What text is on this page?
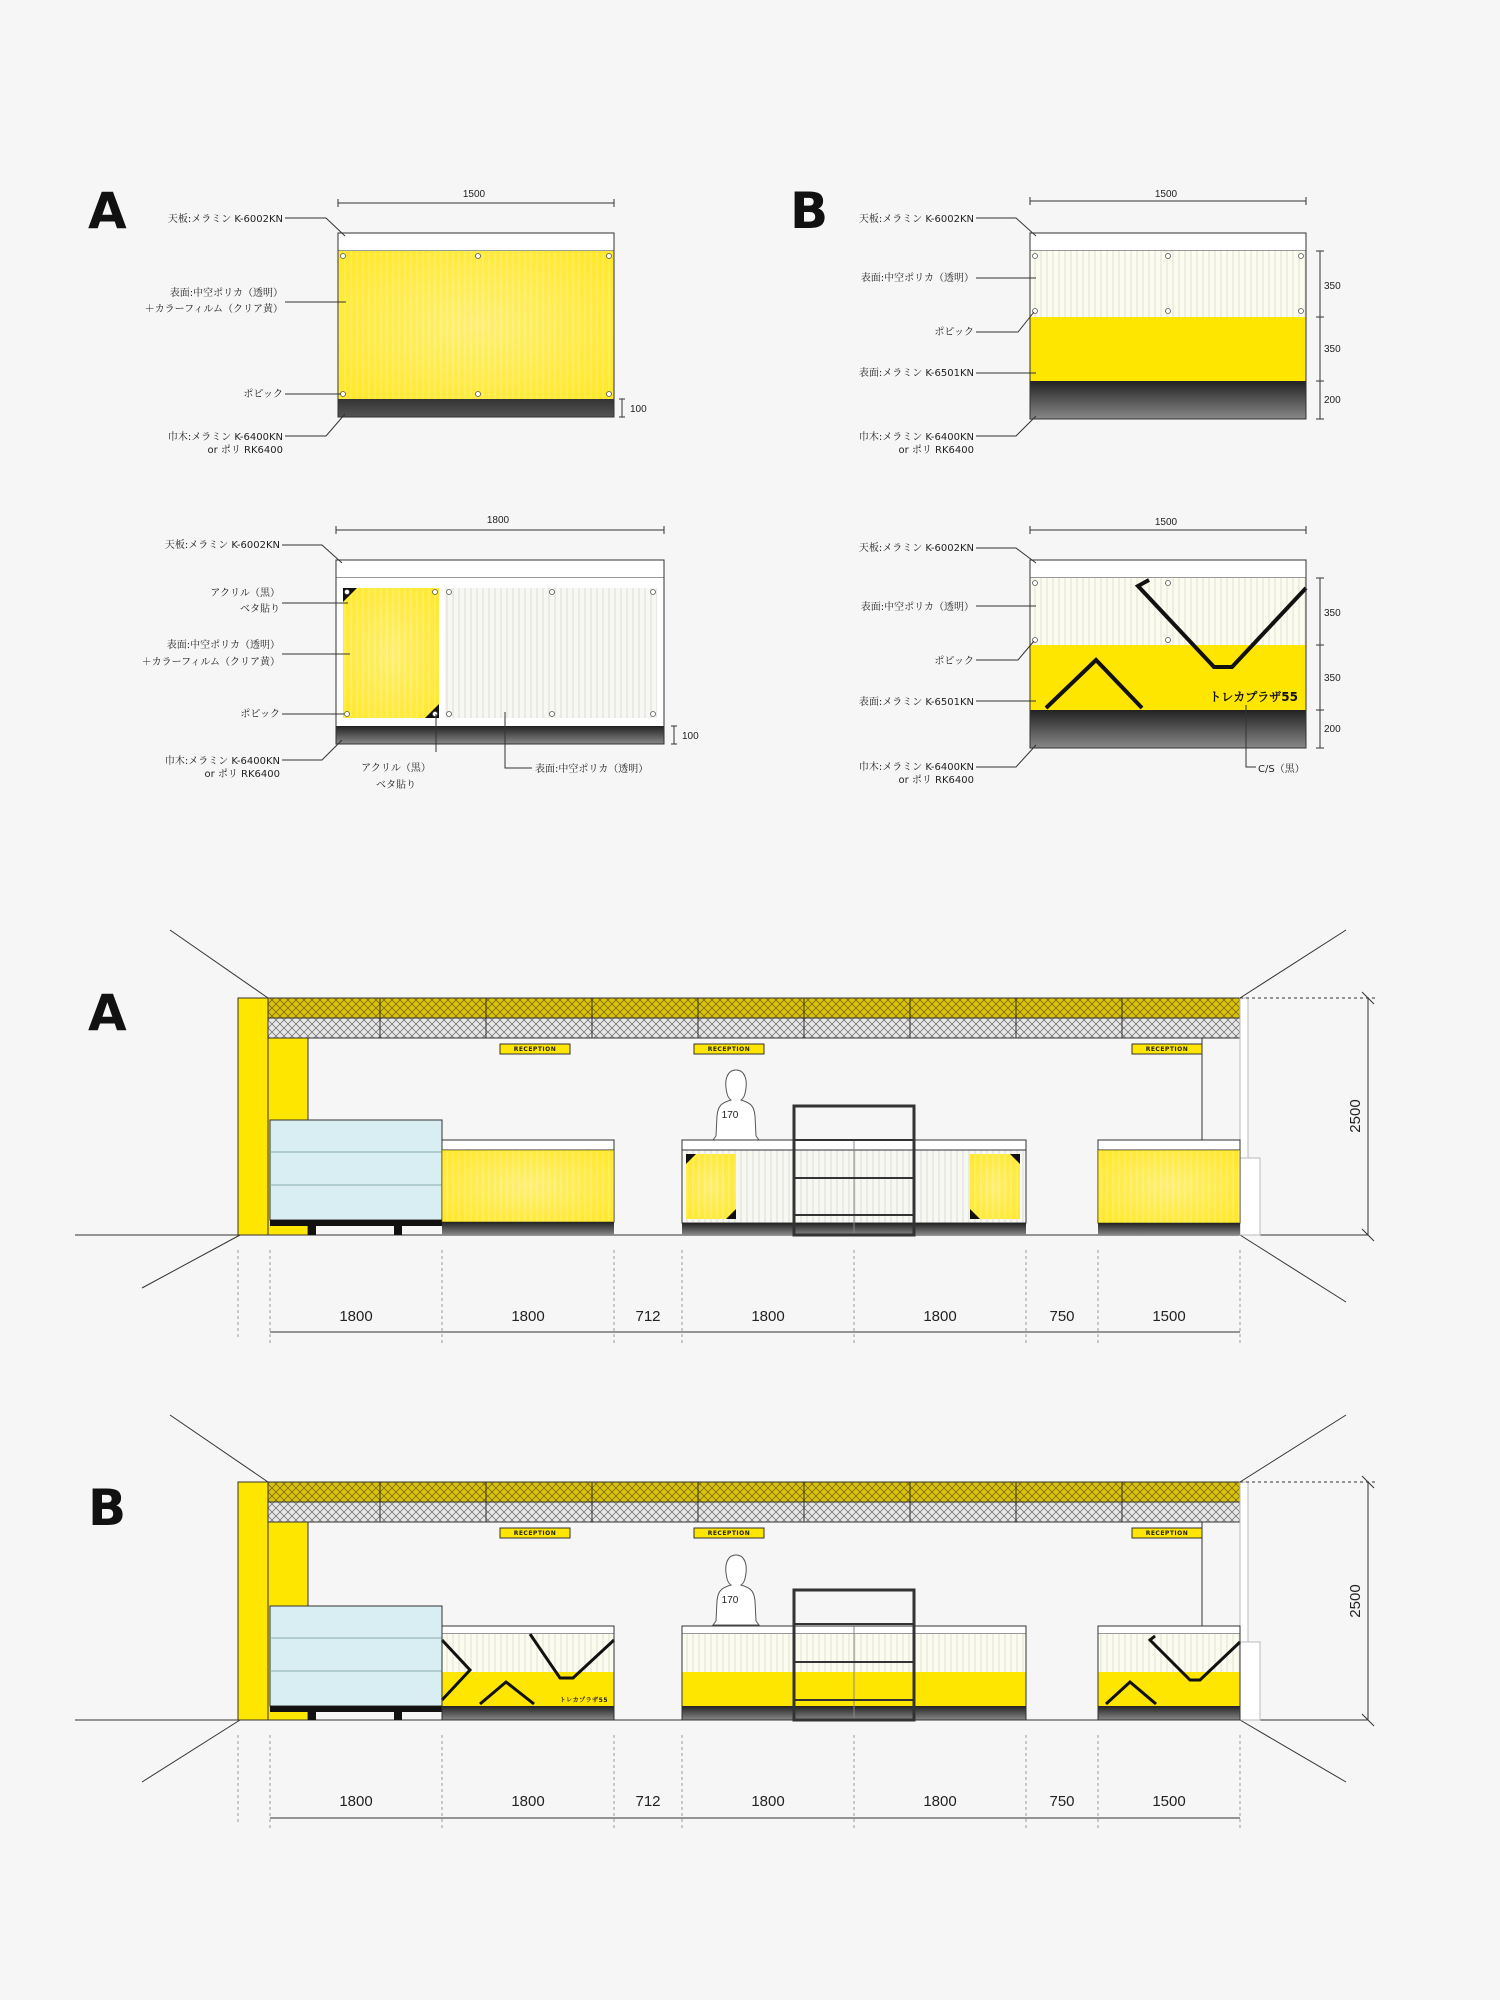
A	1500
天板:メラミン K-6002KN
表面:中空ポリカ（透明）
＋カラーフィルム（クリア黄）
ポピック
巾木:メラミン K-6400KN
or ポリ RK6400
100
1800
天板:メラミン K-6002KN
アクリル（黒）
ベタ貼り
表面:中空ポリカ（透明）
＋カラーフィルム（クリア黄）
ポピック
巾木:メラミン K-6400KN
or ポリ RK6400
アクリル（黒）
ベタ貼り
表面:中空ポリカ（透明）
100
B	1500
天板:メラミン K-6002KN
表面:中空ポリカ（透明）
ポピック
表面:メラミン K-6501KN
巾木:メラミン K-6400KN
or ポリ RK6400
350
350
200
1500
トレカプラザ55
天板:メラミン K-6002KN
表面:中空ポリカ（透明）
ポピック
表面:メラミン K-6501KN
巾木:メラミン K-6400KN
or ポリ RK6400
C/S（黒）
350
350
200
A
RECEPTION	RECEPTION	RECEPTION
170	2500
1800	1800	712	1800	1800	750	1500
B	RECEPTION	RECEPTION	RECEPTION
トレカプラザ55
170	2500
1800	1800	712	1800	1800	750	1500
